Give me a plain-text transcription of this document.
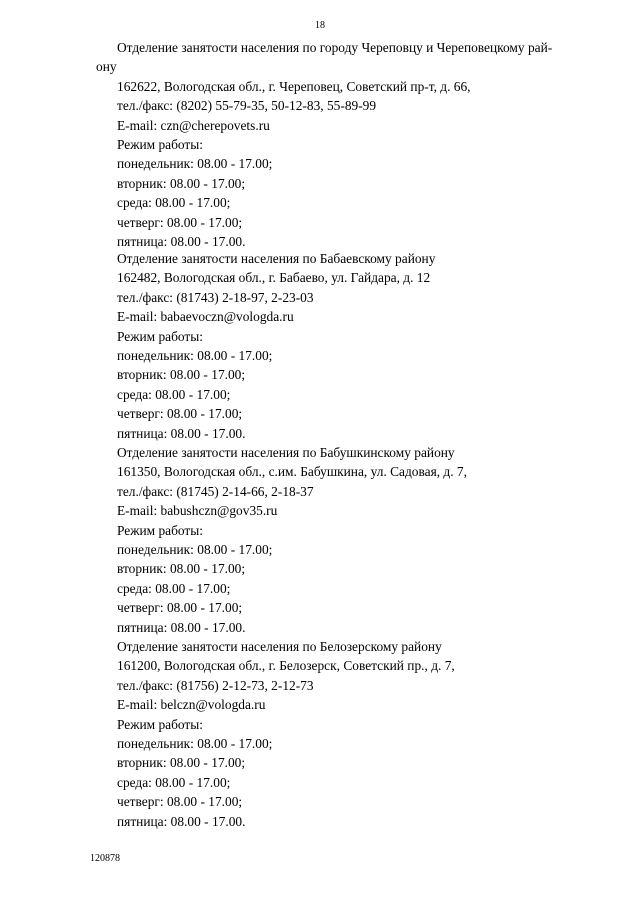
18
Отделение занятости населения по городу Череповцу и Череповецкому рай-
ону
162622, Вологодская обл., г. Череповец, Советский пр-т, д. 66,
тел./факс: (8202) 55-79-35, 50-12-83, 55-89-99
E-mail: czn@cherepovets.ru
Режим работы:
понедельник: 08.00 - 17.00;
вторник: 08.00 - 17.00;
среда: 08.00 - 17.00;
четверг: 08.00 - 17.00;
пятница: 08.00 - 17.00.
Отделение занятости населения по Бабаевскому району
162482, Вологодская обл., г. Бабаево, ул. Гайдара, д. 12
тел./факс: (81743) 2-18-97, 2-23-03
E-mail: babaevoczn@vologda.ru
Режим работы:
понедельник: 08.00 - 17.00;
вторник: 08.00 - 17.00;
среда: 08.00 - 17.00;
четверг: 08.00 - 17.00;
пятница: 08.00 - 17.00.
Отделение занятости населения по Бабушкинскому району
161350, Вологодская обл., с.им. Бабушкина, ул. Садовая, д. 7,
тел./факс: (81745) 2-14-66, 2-18-37
E-mail: babushczn@gov35.ru
Режим работы:
понедельник: 08.00 - 17.00;
вторник: 08.00 - 17.00;
среда: 08.00 - 17.00;
четверг: 08.00 - 17.00;
пятница: 08.00 - 17.00.
Отделение занятости населения по Белозерскому району
161200, Вологодская обл., г. Белозерск, Советский пр., д. 7,
тел./факс: (81756) 2-12-73, 2-12-73
E-mail: belczn@vologda.ru
Режим работы:
понедельник: 08.00 - 17.00;
вторник: 08.00 - 17.00;
среда: 08.00 - 17.00;
четверг: 08.00 - 17.00;
пятница: 08.00 - 17.00.
120878
